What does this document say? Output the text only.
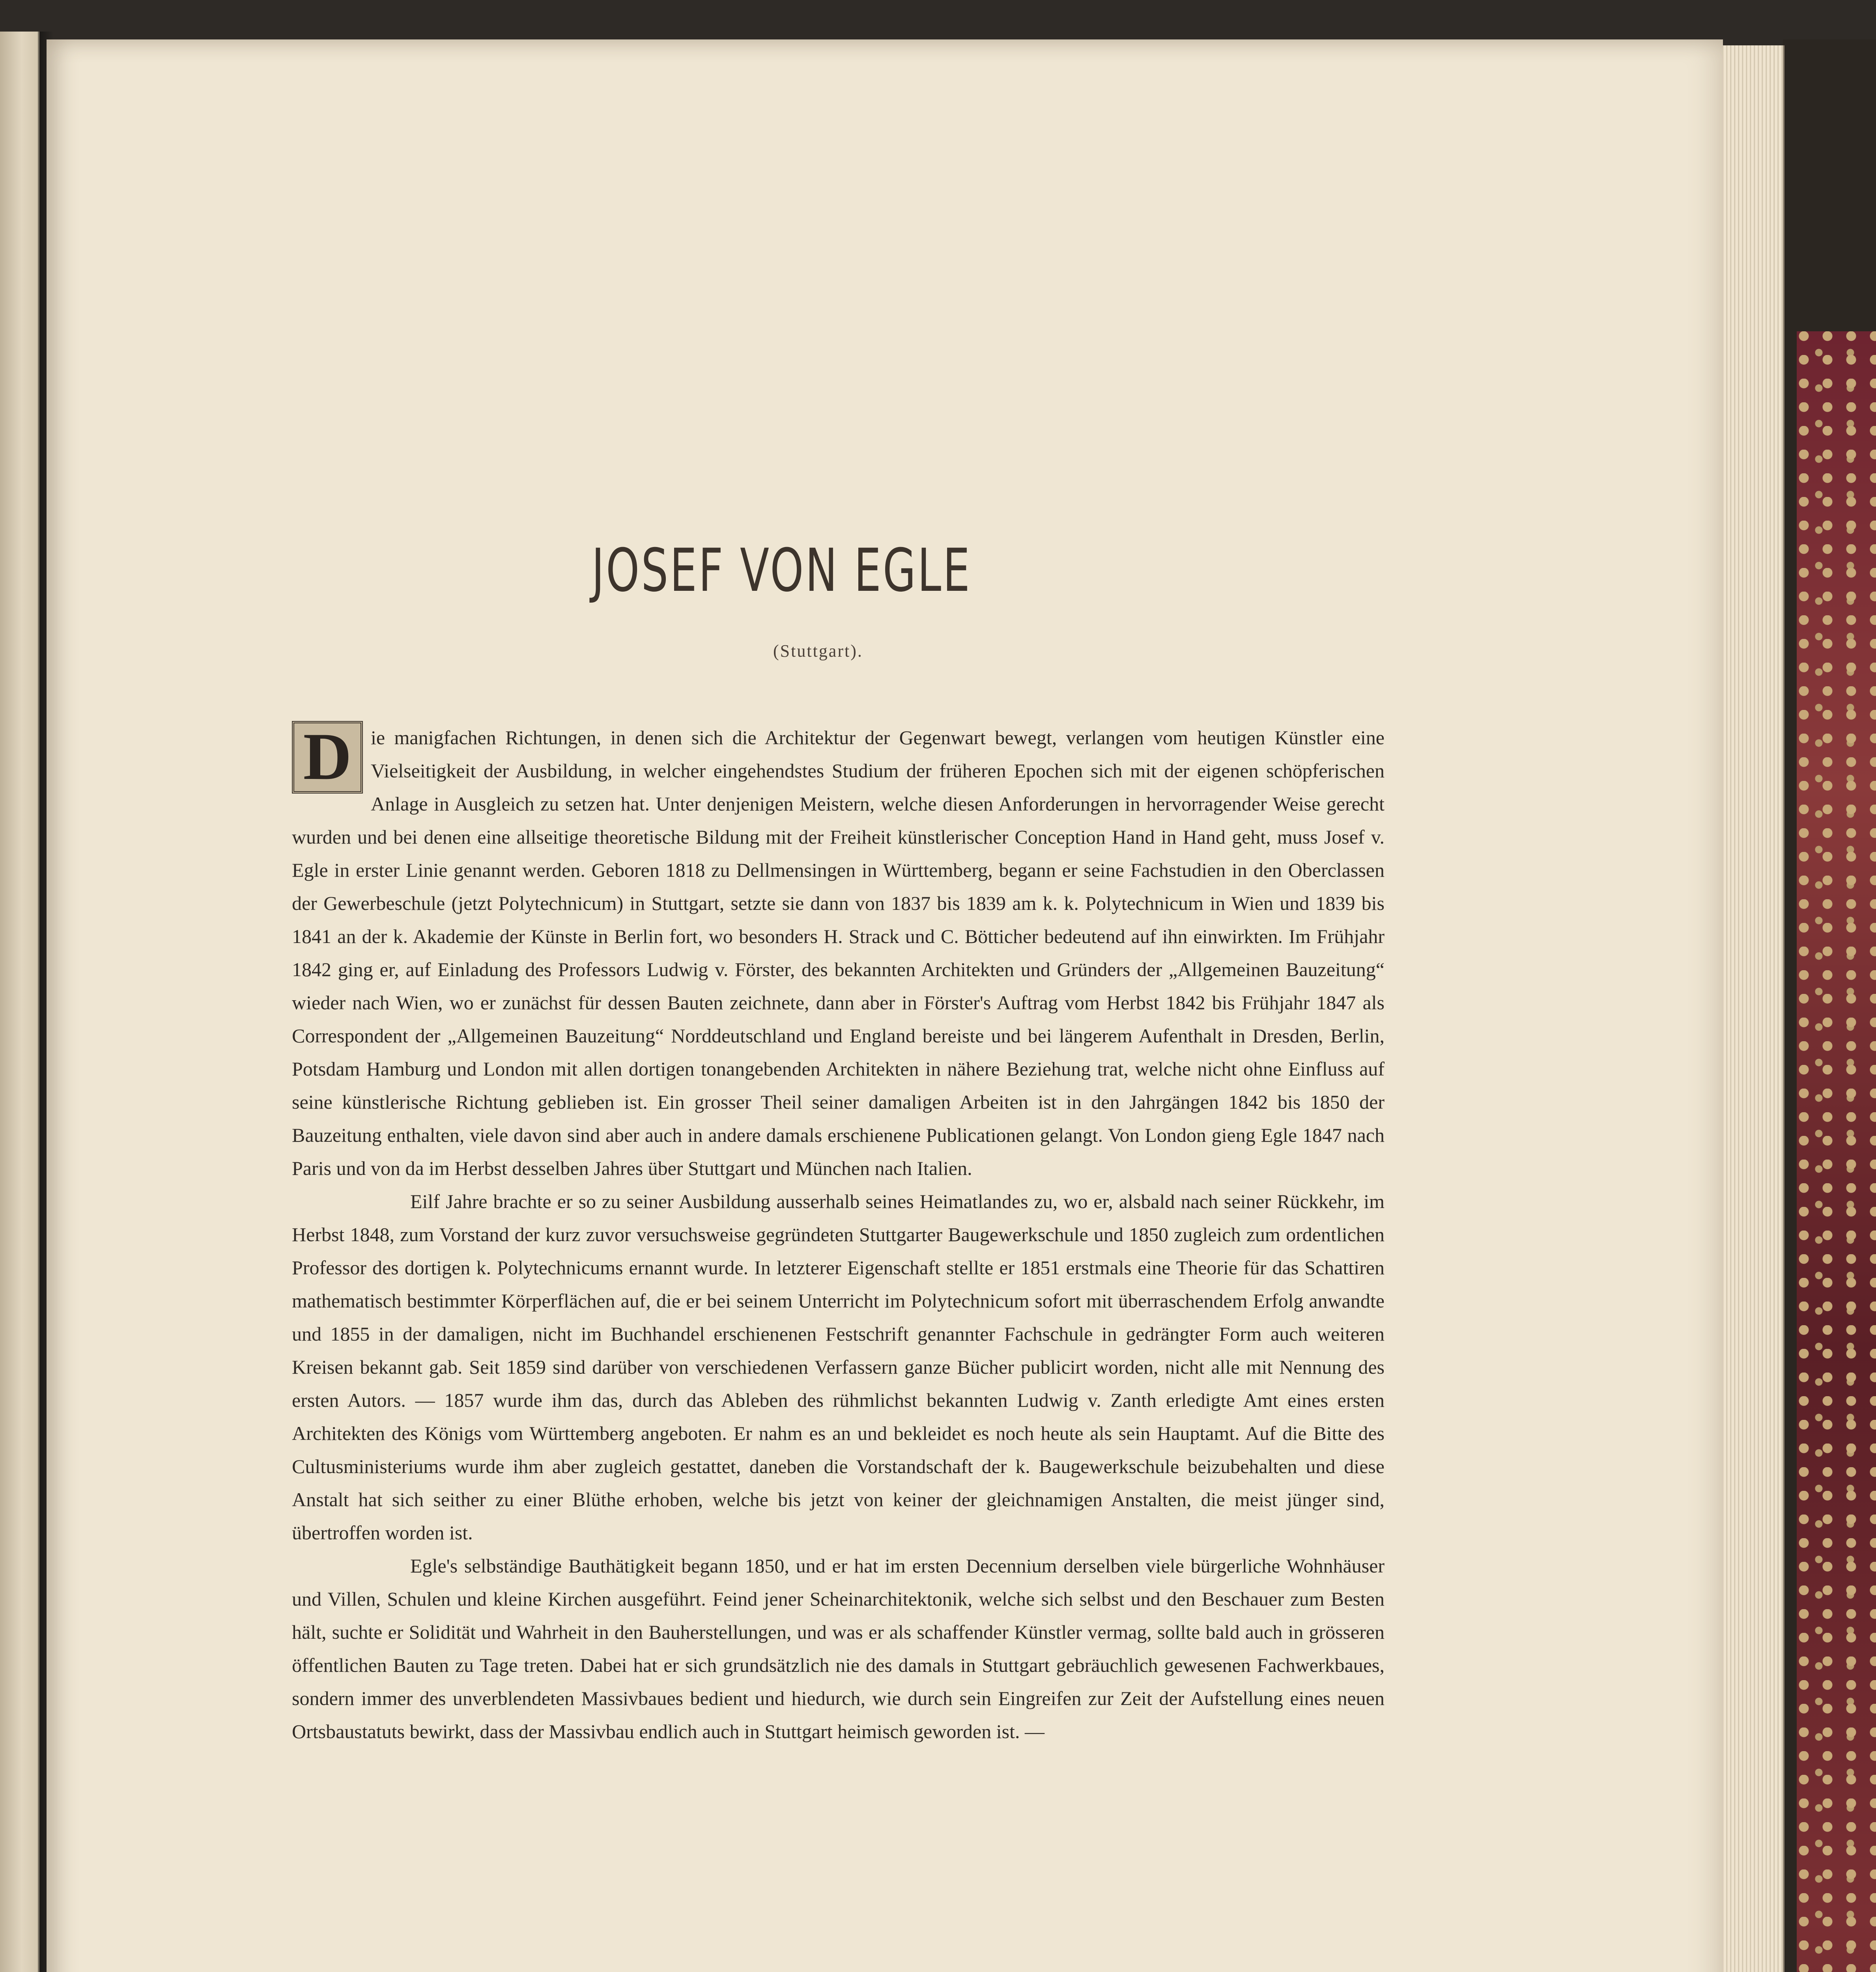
JOSEF VON EGLE
(Stuttgart).

D ie manigfachen Richtungen, in denen sich die Architektur der Gegenwart bewegt, verlangen vom heutigen Künstler eine Vielseitigkeit der Ausbildung, in welcher eingehendstes Studium der früheren Epochen sich mit der eigenen schöpferischen Anlage in Ausgleich zu setzen hat. Unter denjenigen Meistern, welche diesen Anforderungen in hervorragender Weise gerecht wurden und bei denen eine allseitige theoretische Bildung mit der Freiheit künstlerischer Conception Hand in Hand geht, muss Josef v. Egle in erster Linie genannt werden. Geboren 1818 zu Dellmensingen in Württemberg, begann er seine Fachstudien in den Oberclassen der Gewerbeschule (jetzt Polytechnicum) in Stuttgart, setzte sie dann von 1837 bis 1839 am k. k. Polytechnicum in Wien und 1839 bis 1841 an der k. Akademie der Künste in Berlin fort, wo besonders H. Strack und C. Bötticher bedeutend auf ihn einwirkten. Im Frühjahr 1842 ging er, auf Einladung des Professors Ludwig v. Förster, des bekannten Architekten und Gründers der „Allgemeinen Bauzeitung“ wieder nach Wien, wo er zunächst für dessen Bauten zeichnete, dann aber in Förster's Auftrag vom Herbst 1842 bis Frühjahr 1847 als Correspondent der „Allgemeinen Bauzeitung“ Norddeutschland und England bereiste und bei längerem Aufenthalt in Dresden, Berlin, Potsdam Hamburg und London mit allen dortigen tonangebenden Architekten in nähere Beziehung trat, welche nicht ohne Einfluss auf seine künstlerische Richtung geblieben ist. Ein grosser Theil seiner damaligen Arbeiten ist in den Jahrgängen 1842 bis 1850 der Bauzeitung enthalten, viele davon sind aber auch in andere damals erschienene Publicationen gelangt. Von London gieng Egle 1847 nach Paris und von da im Herbst desselben Jahres über Stuttgart und München nach Italien.

Eilf Jahre brachte er so zu seiner Ausbildung ausserhalb seines Heimatlandes zu, wo er, alsbald nach seiner Rückkehr, im Herbst 1848, zum Vorstand der kurz zuvor versuchsweise gegründeten Stuttgarter Baugewerkschule und 1850 zugleich zum ordentlichen Professor des dortigen k. Polytechnicums ernannt wurde. In letzterer Eigenschaft stellte er 1851 erstmals eine Theorie für das Schattiren mathematisch bestimmter Körperflächen auf, die er bei seinem Unterricht im Polytechnicum sofort mit überraschendem Erfolg anwandte und 1855 in der damaligen, nicht im Buchhandel erschienenen Festschrift genannter Fachschule in gedrängter Form auch weiteren Kreisen bekannt gab. Seit 1859 sind darüber von verschiedenen Verfassern ganze Bücher publicirt worden, nicht alle mit Nennung des ersten Autors. — 1857 wurde ihm das, durch das Ableben des rühmlichst bekannten Ludwig v. Zanth erledigte Amt eines ersten Architekten des Königs vom Württemberg angeboten. Er nahm es an und bekleidet es noch heute als sein Hauptamt. Auf die Bitte des Cultusministeriums wurde ihm aber zugleich gestattet, daneben die Vorstandschaft der k. Baugewerkschule beizubehalten und diese Anstalt hat sich seither zu einer Blüthe erhoben, welche bis jetzt von keiner der gleichnamigen Anstalten, die meist jünger sind, übertroffen worden ist.

Egle's selbständige Bauthätigkeit begann 1850, und er hat im ersten Decennium derselben viele bürgerliche Wohnhäuser und Villen, Schulen und kleine Kirchen ausgeführt. Feind jener Scheinarchitektonik, welche sich selbst und den Beschauer zum Besten hält, suchte er Solidität und Wahrheit in den Bauherstellungen, und was er als schaffender Künstler vermag, sollte bald auch in grösseren öffentlichen Bauten zu Tage treten. Dabei hat er sich grundsätzlich nie des damals in Stuttgart gebräuchlich gewesenen Fachwerkbaues, sondern immer des unverblendeten Massivbaues bedient und hiedurch, wie durch sein Eingreifen zur Zeit der Aufstellung eines neuen Ortsbaustatuts bewirkt, dass der Massivbau endlich auch in Stuttgart heimisch geworden ist. —
